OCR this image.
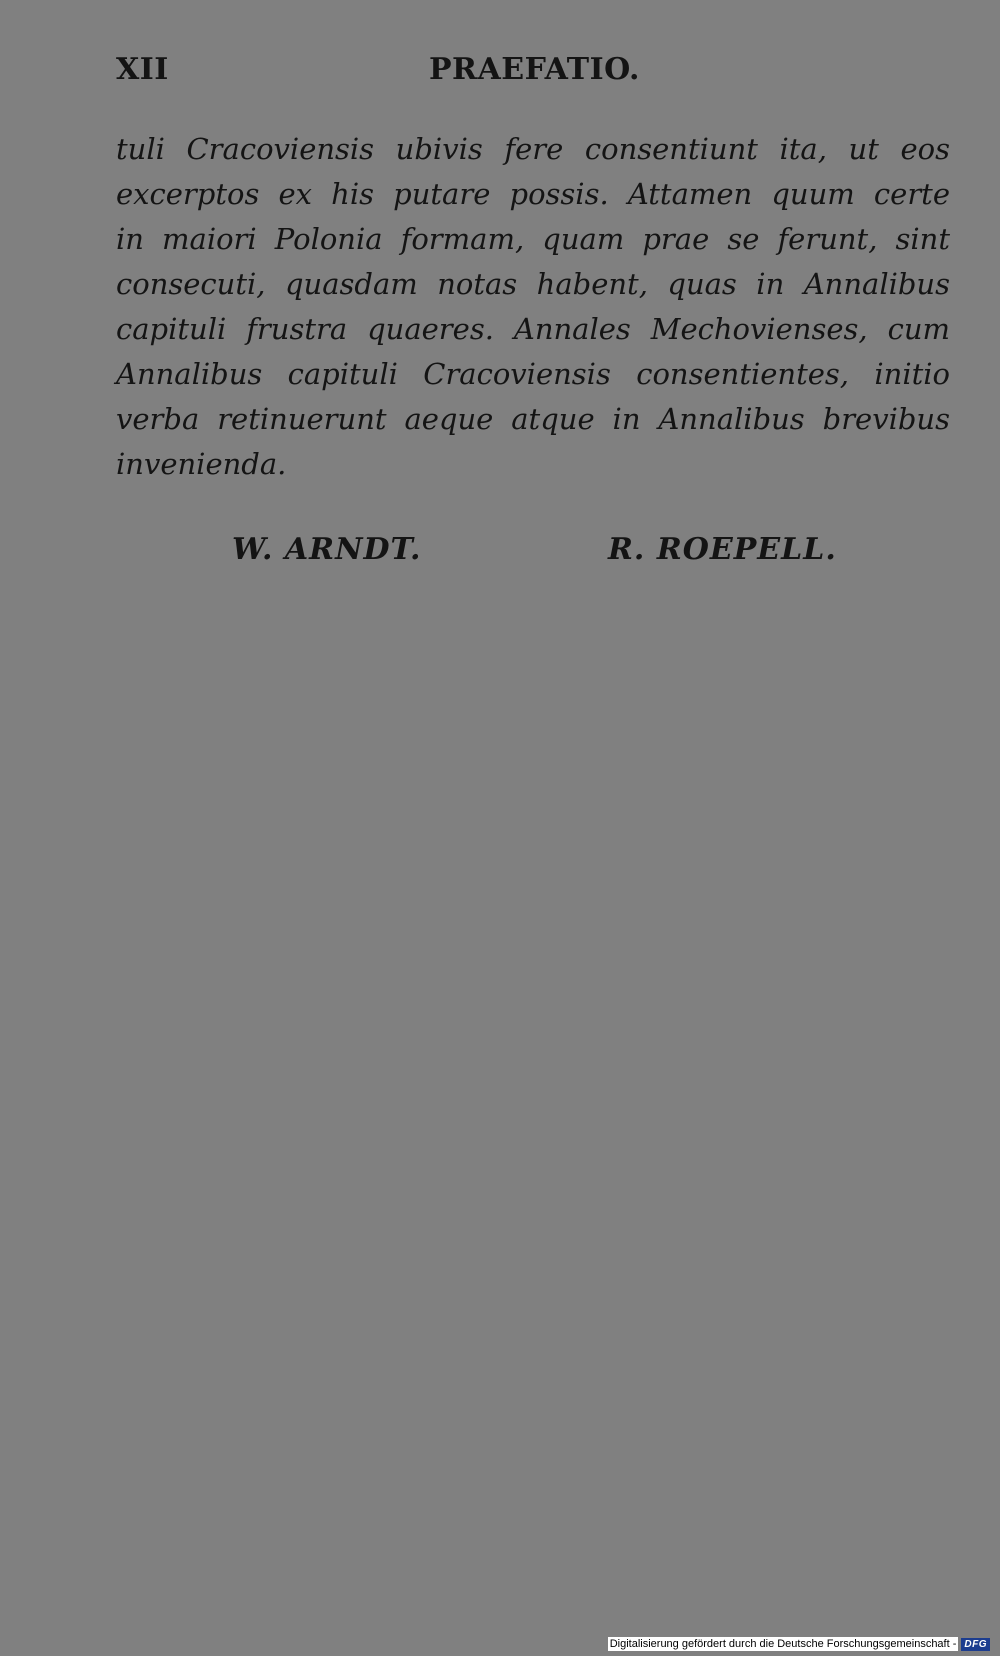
XII	PRAEFATIO.
tuli Cracoviensis ubivis fere consentiunt ita, ut eos
excerptos ex his putare possis. Attamen quum certe
in maiori Polonia formam, quam prae se ferunt, sint
consecuti, quasdam notas habent, quas in Annalibus
capituli frustra quaeres. Annales Mechovienses, cum
Annalibus capituli Cracoviensis consentientes, initio
verba retinuerunt aeque atque in Annalibus brevibus
invenienda.
W. ARNDT.	R. ROEPELL.
Digitalisierung gefördert durch die Deutsche Forschungsgemeinschaft - DFG
